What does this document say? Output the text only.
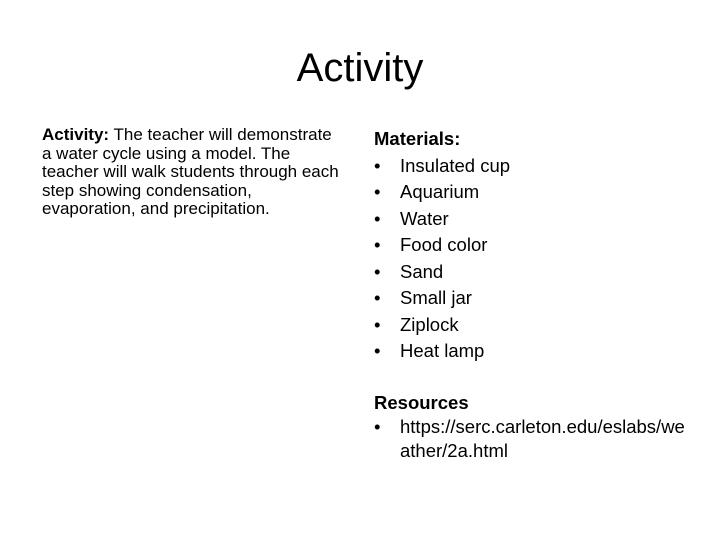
Activity
Activity: The teacher will demonstrate a water cycle using a model. The teacher will walk students through each step showing condensation, evaporation, and precipitation.
Materials:
• Insulated cup
• Aquarium
• Water
• Food color
• Sand
• Small jar
• Ziplock
• Heat lamp
Resources
• https://serc.carleton.edu/eslabs/weather/2a.html
